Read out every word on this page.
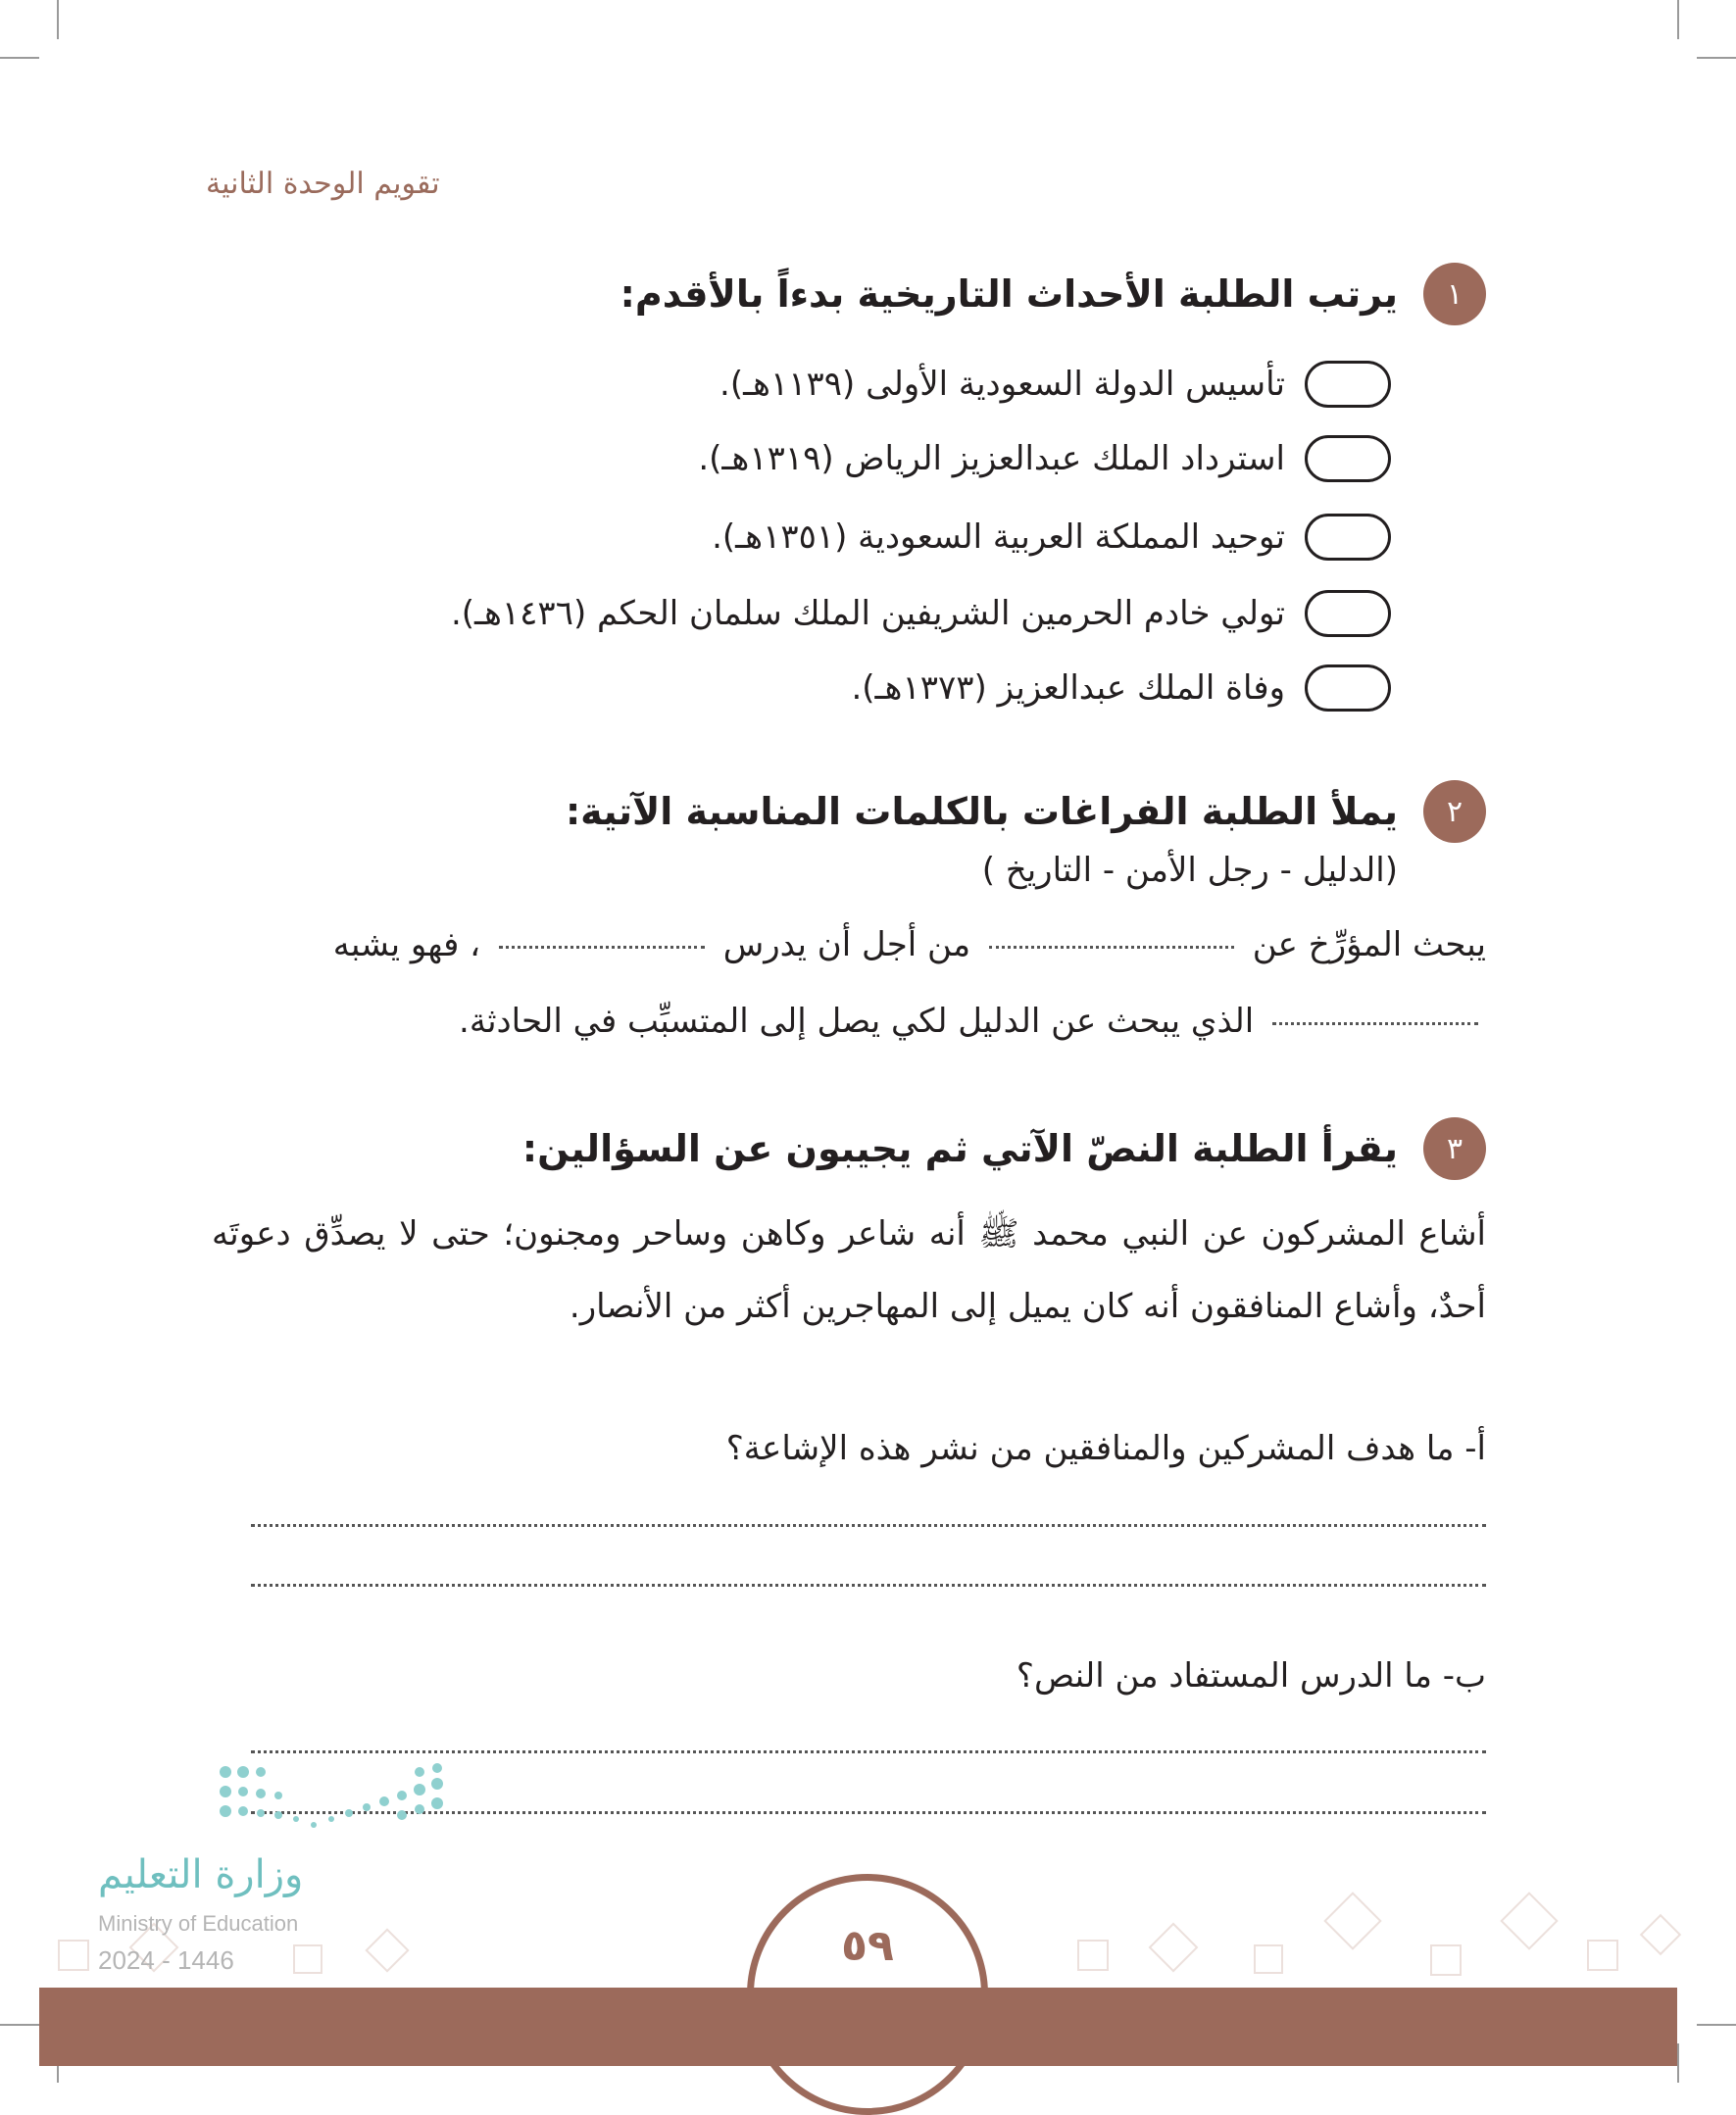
تقويم الوحدة الثانية
١
يرتب الطلبة الأحداث التاريخية بدءاً بالأقدم:
تأسيس الدولة السعودية الأولى (١١٣٩هـ).
استرداد الملك عبدالعزيز الرياض (١٣١٩هـ).
توحيد المملكة العربية السعودية (١٣٥١هـ).
تولي خادم الحرمين الشريفين الملك سلمان الحكم (١٤٣٦هـ).
وفاة الملك عبدالعزيز (١٣٧٣هـ).
٢
يملأ الطلبة الفراغات بالكلمات المناسبة الآتية:
(الدليل - رجل الأمن - التاريخ )
يبحث المؤرِّخ عن  من أجل أن يدرس  ، فهو يشبه
الذي يبحث عن الدليل لكي يصل إلى المتسبِّب في الحادثة.
٣
يقرأ الطلبة النصّ الآتي ثم يجيبون عن السؤالين:
أشاع المشركون عن النبي محمد ﷺ أنه شاعر وكاهن وساحر ومجنون؛ حتى لا يصدِّق دعوتَه أحدٌ، وأشاع المنافقون أنه كان يميل إلى المهاجرين أكثر من الأنصار.
أ- ما هدف المشركين والمنافقين من نشر هذه الإشاعة؟
ب- ما الدرس المستفاد من النص؟
٥٩
وزارة التعليم
Ministry of Education
2024 - 1446
